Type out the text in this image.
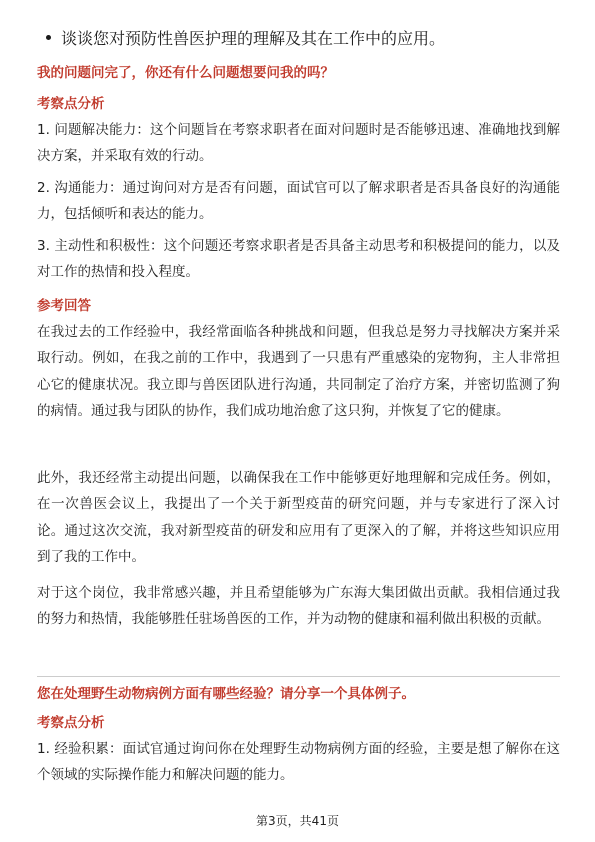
谈谈您对预防性兽医护理的理解及其在工作中的应用。
我的问题问完了，你还有什么问题想要问我的吗？
考察点分析
1. 问题解决能力：这个问题旨在考察求职者在面对问题时是否能够迅速、准确地找到解决方案，并采取有效的行动。
2. 沟通能力：通过询问对方是否有问题，面试官可以了解求职者是否具备良好的沟通能力，包括倾听和表达的能力。
3. 主动性和积极性：这个问题还考察求职者是否具备主动思考和积极提问的能力，以及对工作的热情和投入程度。
参考回答
在我过去的工作经验中，我经常面临各种挑战和问题，但我总是努力寻找解决方案并采取行动。例如，在我之前的工作中，我遇到了一只患有严重感染的宠物狗，主人非常担心它的健康状况。我立即与兽医团队进行沟通，共同制定了治疗方案，并密切监测了狗的病情。通过我与团队的协作，我们成功地治愈了这只狗，并恢复了它的健康。
此外，我还经常主动提出问题，以确保我在工作中能够更好地理解和完成任务。例如，在一次兽医会议上，我提出了一个关于新型疫苗的研究问题，并与专家进行了深入讨论。通过这次交流，我对新型疫苗的研发和应用有了更深入的了解，并将这些知识应用到了我的工作中。
对于这个岗位，我非常感兴趣，并且希望能够为广东海大集团做出贡献。我相信通过我的努力和热情，我能够胜任驻场兽医的工作，并为动物的健康和福利做出积极的贡献。
您在处理野生动物病例方面有哪些经验？请分享一个具体例子。
考察点分析
1. 经验积累：面试官通过询问你在处理野生动物病例方面的经验，主要是想了解你在这个领域的实际操作能力和解决问题的能力。
第3页，共41页
